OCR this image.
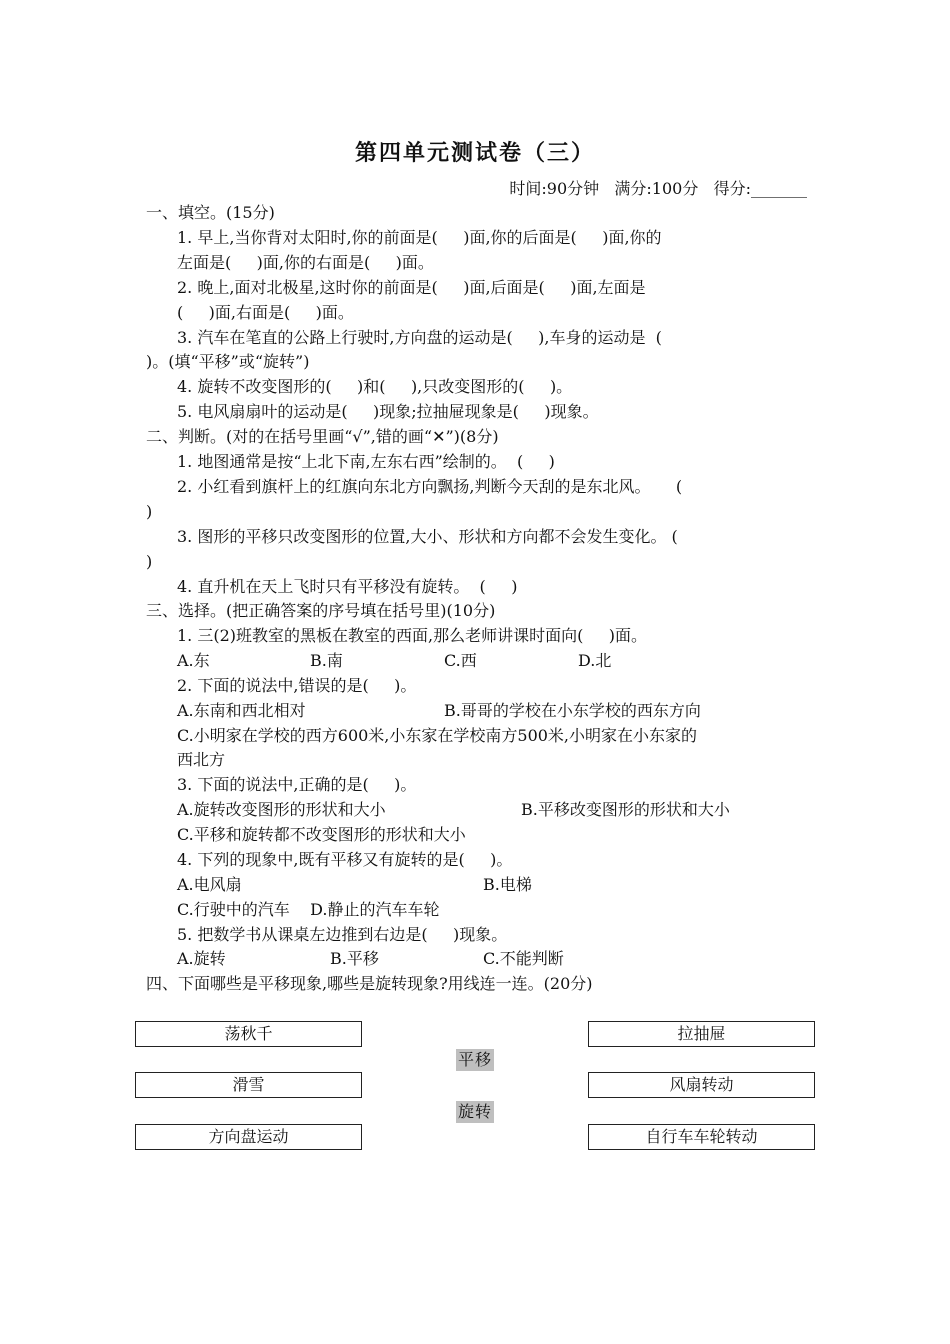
第四单元测试卷（三）
时间:90分钟   满分:100分   得分:_______
一、填空。(15分)
1. 早上,当你背对太阳时,你的前面是(     )面,你的后面是(     )面,你的
左面是(     )面,你的右面是(     )面。
2. 晚上,面对北极星,这时你的前面是(     )面,后面是(     )面,左面是
(     )面,右面是(     )面。
3. 汽车在笔直的公路上行驶时,方向盘的运动是(     ),车身的运动是  (
)。(填“平移”或“旋转”)
4. 旋转不改变图形的(     )和(     ),只改变图形的(     )。
5. 电风扇扇叶的运动是(     )现象;拉抽屉现象是(     )现象。
二、判断。(对的在括号里画“√”,错的画“✕”)(8分)
1. 地图通常是按“上北下南,左东右西”绘制的。  (     )
2. 小红看到旗杆上的红旗向东北方向飘扬,判断今天刮的是东北风。     (
)
3. 图形的平移只改变图形的位置,大小、形状和方向都不会发生变化。 (
)
4. 直升机在天上飞时只有平移没有旋转。  (     )
三、选择。(把正确答案的序号填在括号里)(10分)
1. 三(2)班教室的黑板在教室的西面,那么老师讲课时面向(     )面。
A.东	B.南	C.西	D.北
2. 下面的说法中,错误的是(     )。
A.东南和西北相对	B.哥哥的学校在小东学校的西东方向
C.小明家在学校的西方600米,小东家在学校南方500米,小明家在小东家的
西北方
3. 下面的说法中,正确的是(     )。
A.旋转改变图形的形状和大小	B.平移改变图形的形状和大小
C.平移和旋转都不改变图形的形状和大小
4. 下列的现象中,既有平移又有旋转的是(     )。
A.电风扇	B.电梯
C.行驶中的汽车    D.静止的汽车车轮
5. 把数学书从课桌左边推到右边是(     )现象。
A.旋转	B.平移	C.不能判断
四、下面哪些是平移现象,哪些是旋转现象?用线连一连。(20分)
荡秋千
滑雪
方向盘运动
拉抽屉
风扇转动
自行车车轮转动
平移
旋转
